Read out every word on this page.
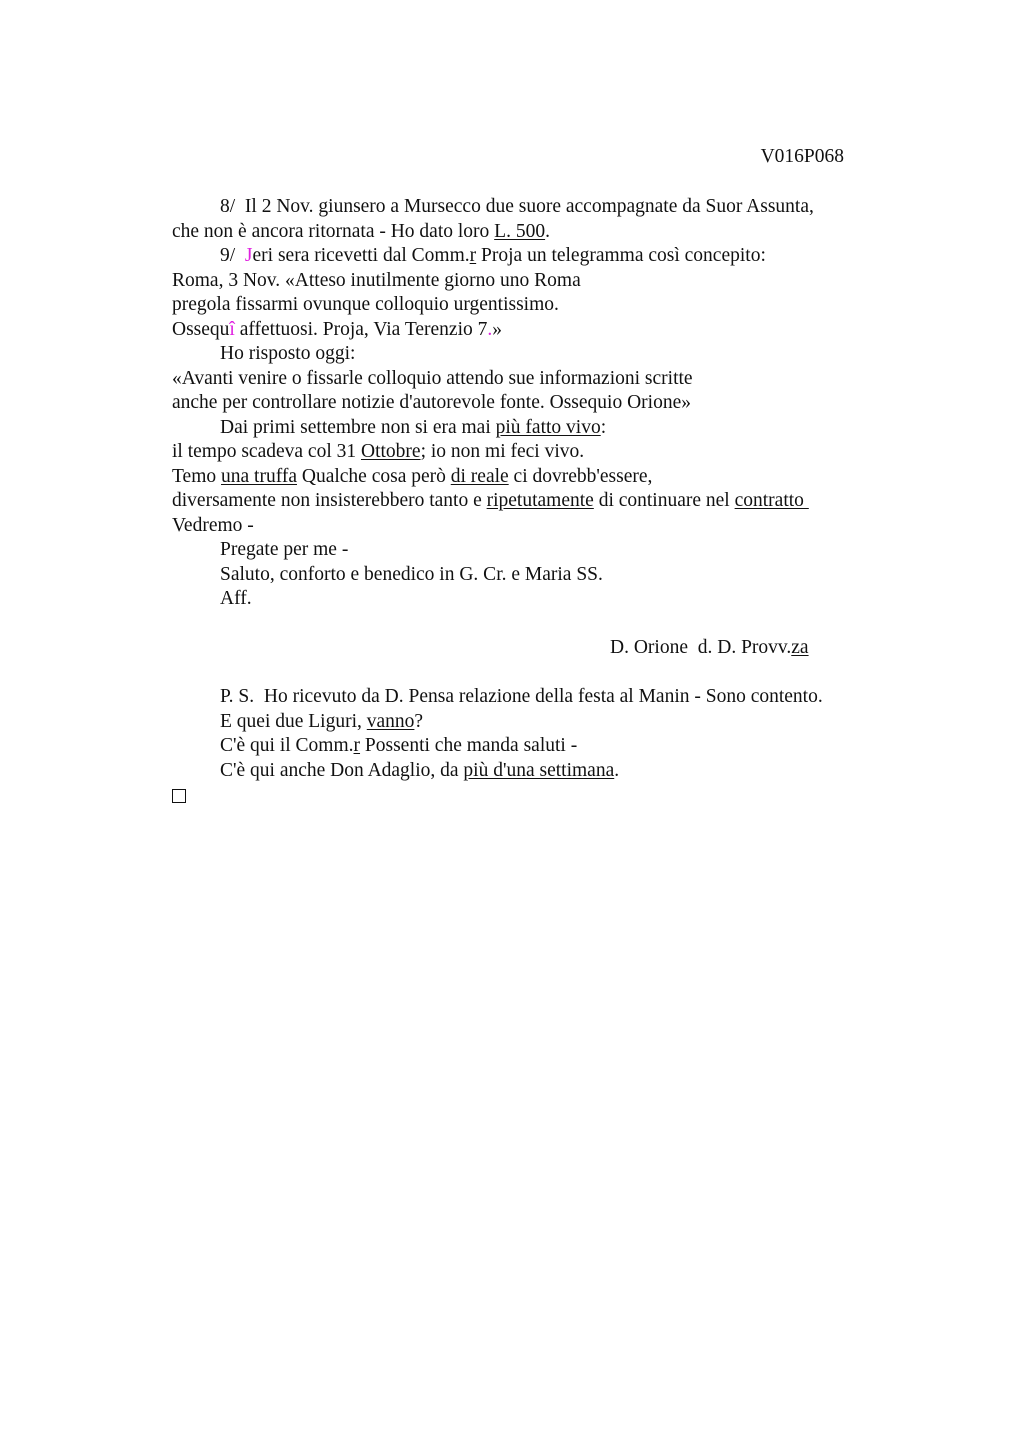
V016P068
8/  Il 2 Nov. giunsero a Mursecco due suore accompagnate da Suor Assunta,
che non è ancora ritornata - Ho dato loro L. 500.
9/  Jeri sera ricevetti dal Comm.r Proja un telegramma così concepito:
Roma, 3 Nov. «Atteso inutilmente giorno uno Roma
pregola fissarmi ovunque colloquio urgentissimo.
Ossequî affettuosi. Proja, Via Terenzio 7.»
Ho risposto oggi:
«Avanti venire o fissarle colloquio attendo sue informazioni scritte
anche per controllare notizie d'autorevole fonte. Ossequio Orione»
Dai primi settembre non si era mai più fatto vivo:
il tempo scadeva col 31 Ottobre; io non mi feci vivo.
Temo una truffa Qualche cosa però di reale ci dovrebb'essere,
diversamente non insisterebbero tanto e ripetutamente di continuare nel contratto
Vedremo -
Pregate per me -
Saluto, conforto e benedico in G. Cr. e Maria SS.
Aff.
D. Orione  d. D. Provv.za
P. S.  Ho ricevuto da D. Pensa relazione della festa al Manin - Sono contento.
E quei due Liguri, vanno?
C'è qui il Comm.r Possenti che manda saluti -
C'è qui anche Don Adaglio, da più d'una settimana.
